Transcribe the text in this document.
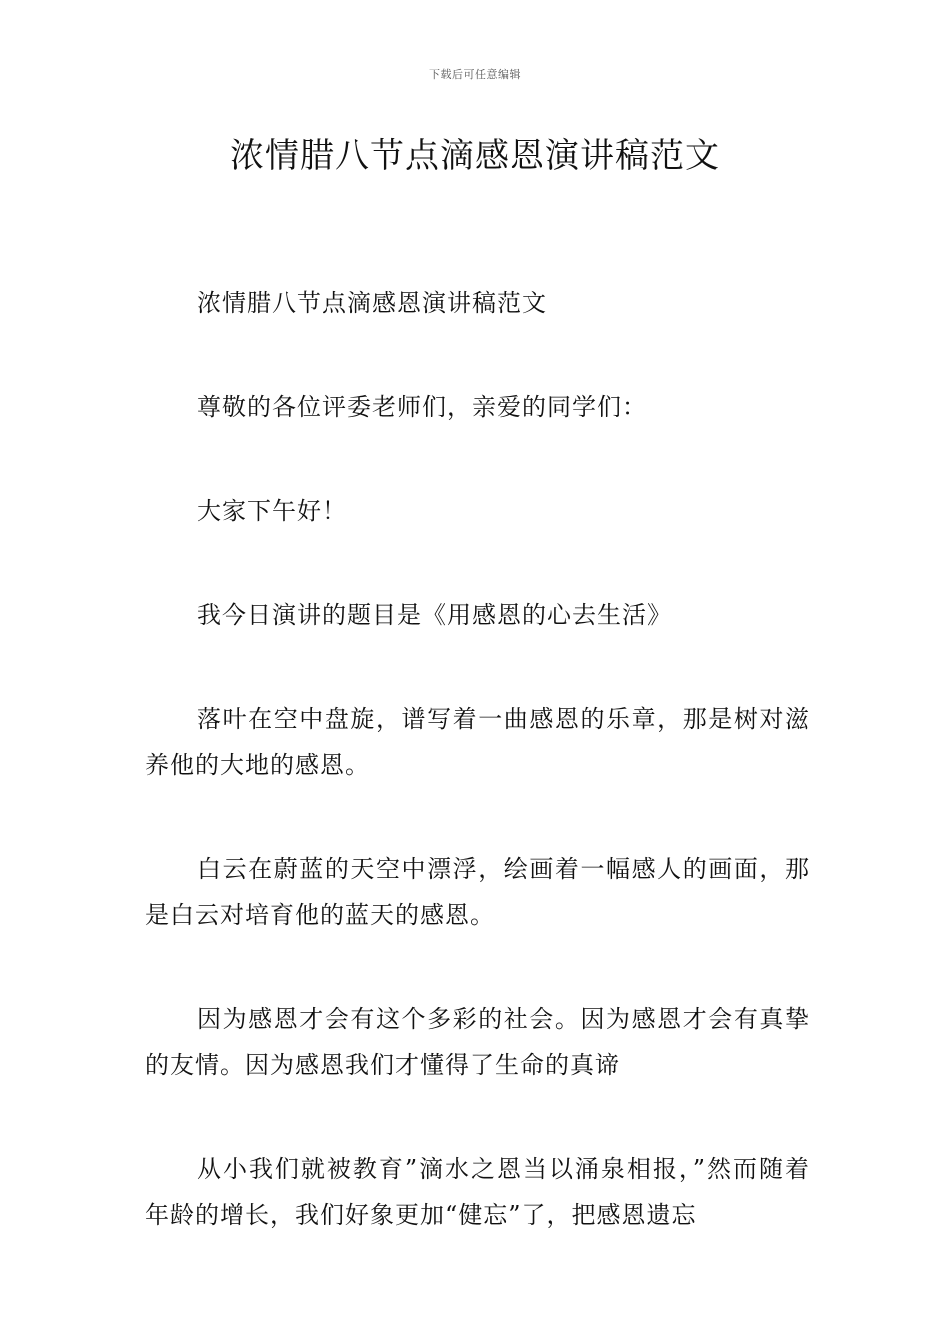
下载后可任意编辑
浓情腊八节点滴感恩演讲稿范文

浓情腊八节点滴感恩演讲稿范文

尊敬的各位评委老师们，亲爱的同学们：

大家下午好！

我今日演讲的题目是《用感恩的心去生活》

落叶在空中盘旋，谱写着一曲感恩的乐章，那是树对滋养他的大地的感恩。

白云在蔚蓝的天空中漂浮，绘画着一幅感人的画面，那是白云对培育他的蓝天的感恩。

因为感恩才会有这个多彩的社会。因为感恩才会有真挚的友情。因为感恩我们才懂得了生命的真谛

从小我们就被教育”滴水之恩当以涌泉相报，”然而随着年龄的增长，我们好象更加“健忘”了，把感恩遗忘
